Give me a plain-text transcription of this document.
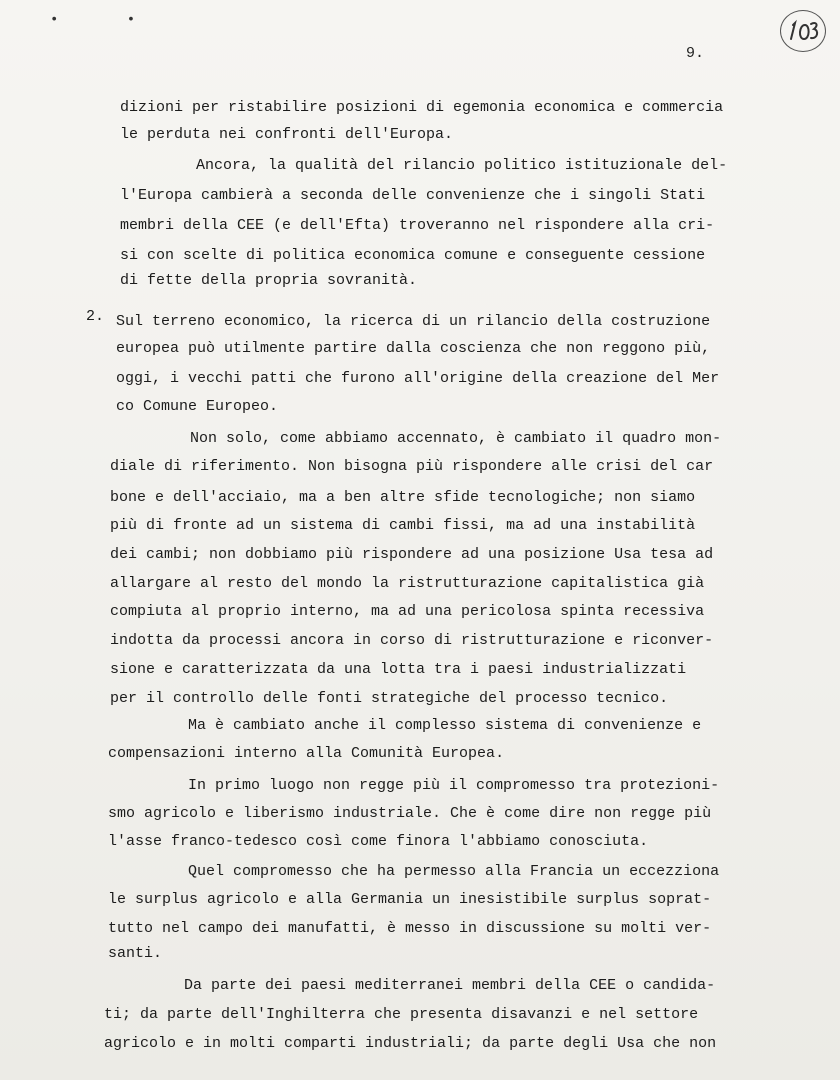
• •
9.
dizioni per ristabilire posizioni di egemonia economica e commercia
le perduta nei confronti dell'Europa.
Ancora, la qualità del rilancio politico istituzionale del-
l'Europa cambierà a seconda delle convenienze che i singoli Stati
membri della CEE (e dell'Efta) troveranno nel rispondere alla cri-
si con scelte di politica economica comune e conseguente cessione
di fette della propria sovranità.
2. Sul terreno economico, la ricerca di un rilancio della costruzione
europea può utilmente partire dalla coscienza che non reggono più,
oggi, i vecchi patti che furono all'origine della creazione del Mer
co Comune Europeo.
Non solo, come abbiamo accennato, è cambiato il quadro mon-
diale di riferimento. Non bisogna più rispondere alle crisi del car
bone e dell'acciaio, ma a ben altre sfide tecnologiche; non siamo
più di fronte ad un sistema di cambi fissi, ma ad una instabilità
dei cambi; non dobbiamo più rispondere ad una posizione Usa tesa ad
allargare al resto del mondo la ristrutturazione capitalistica già
compiuta al proprio interno, ma ad una pericolosa spinta recessiva
indotta da processi ancora in corso di ristrutturazione e riconver-
sione e caratterizzata da una lotta tra i paesi industrializzati
per il controllo delle fonti strategiche del processo tecnico.
Ma è cambiato anche il complesso sistema di convenienze e
compensazioni interno alla Comunità Europea.
In primo luogo non regge più il compromesso tra protezioni-
smo agricolo e liberismo industriale. Che è come dire non regge più
l'asse franco-tedesco così come finora l'abbiamo conosciuta.
Quel compromesso che ha permesso alla Francia un eccezziona
le surplus agricolo e alla Germania un inesistibile surplus soprat-
tutto nel campo dei manufatti, è messo in discussione su molti ver-
santi.
Da parte dei paesi mediterranei membri della CEE o candida-
ti; da parte dell'Inghilterra che presenta disavanzi e nel settore
agricolo e in molti comparti industriali; da parte degli Usa che non
